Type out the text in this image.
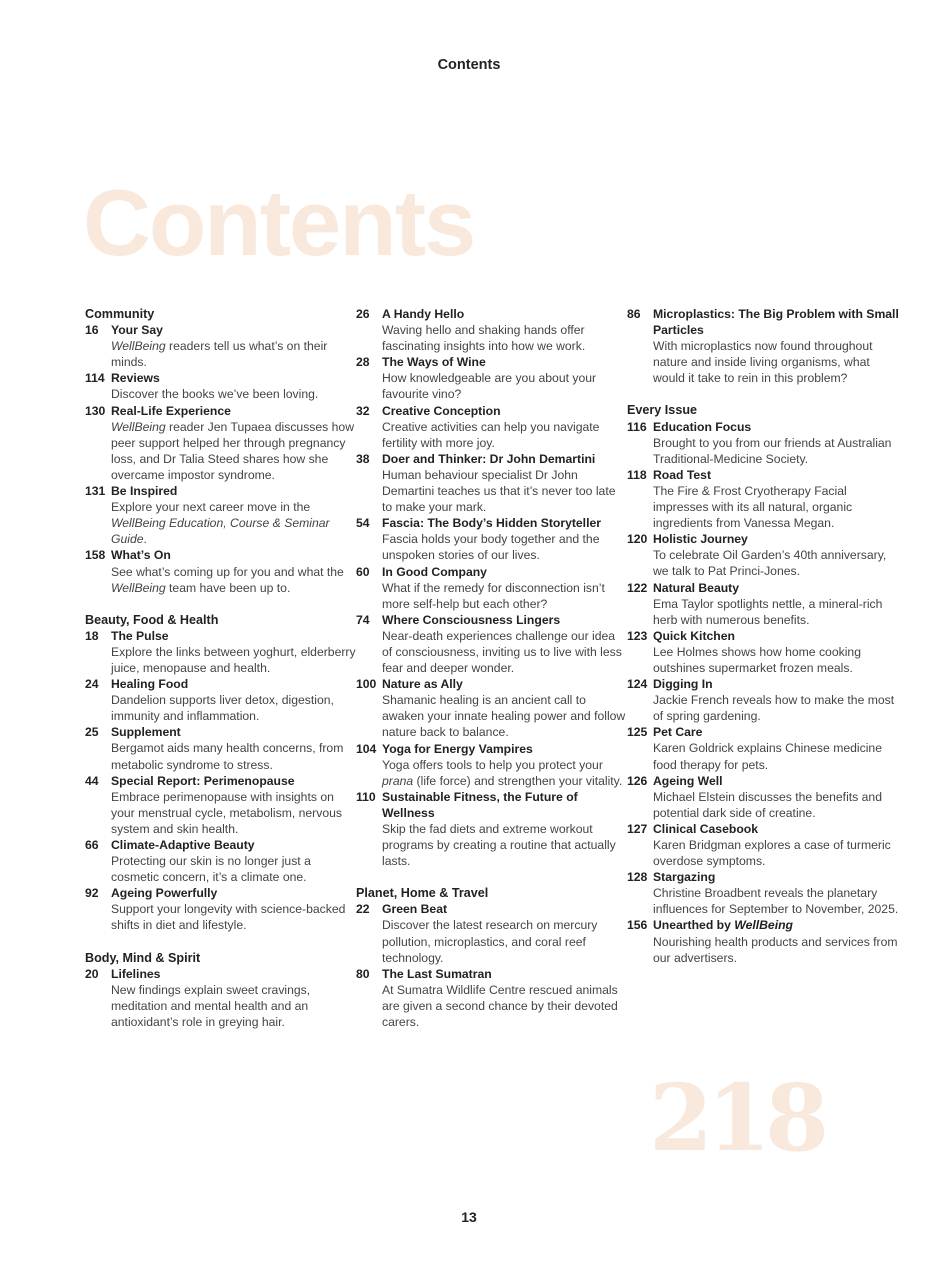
Contents
Contents
Community
16	Your Say
WellBeing readers tell us what’s on their minds.
114 Reviews
Discover the books we’ve been loving.
130 Real-Life Experience
WellBeing reader Jen Tupaea discusses how peer support helped her through pregnancy loss, and Dr Talia Steed shares how she overcame impostor syndrome.
131 Be Inspired
Explore your next career move in the WellBeing Education, Course & Seminar Guide.
158 What’s On
See what’s coming up for you and what the WellBeing team have been up to.
Beauty, Food & Health
18	The Pulse
Explore the links between yoghurt, elderberry juice, menopause and health.
24	Healing Food
Dandelion supports liver detox, digestion, immunity and inflammation.
25	Supplement
Bergamot aids many health concerns, from metabolic syndrome to stress.
44	Special Report: Perimenopause
Embrace perimenopause with insights on your menstrual cycle, metabolism, nervous system and skin health.
66	Climate-Adaptive Beauty
Protecting our skin is no longer just a cosmetic concern, it’s a climate one.
92	Ageing Powerfully
Support your longevity with science-backed shifts in diet and lifestyle.
Body, Mind & Spirit
20	Lifelines
New findings explain sweet cravings, meditation and mental health and an antioxidant’s role in greying hair.
26	A Handy Hello
Waving hello and shaking hands offer fascinating insights into how we work.
28	The Ways of Wine
How knowledgeable are you about your favourite vino?
32	Creative Conception
Creative activities can help you navigate fertility with more joy.
38	Doer and Thinker: Dr John Demartini
Human behaviour specialist Dr John Demartini teaches us that it’s never too late to make your mark.
54	Fascia: The Body’s Hidden Storyteller
Fascia holds your body together and the unspoken stories of our lives.
60	In Good Company
What if the remedy for disconnection isn’t more self-help but each other?
74	Where Consciousness Lingers
Near-death experiences challenge our idea of consciousness, inviting us to live with less fear and deeper wonder.
100 Nature as Ally
Shamanic healing is an ancient call to awaken your innate healing power and follow nature back to balance.
104 Yoga for Energy Vampires
Yoga offers tools to help you protect your prana (life force) and strengthen your vitality.
110 Sustainable Fitness, the Future of Wellness
Skip the fad diets and extreme workout programs by creating a routine that actually lasts.
Planet, Home & Travel
22	Green Beat
Discover the latest research on mercury pollution, microplastics, and coral reef technology.
80	The Last Sumatran
At Sumatra Wildlife Centre rescued animals are given a second chance by their devoted carers.
86	Microplastics: The Big Problem with Small Particles
With microplastics now found throughout nature and inside living organisms, what would it take to rein in this problem?
Every Issue
116 Education Focus
Brought to you from our friends at Australian Traditional-Medicine Society.
118 Road Test
The Fire & Frost Cryotherapy Facial impresses with its all natural, organic ingredients from Vanessa Megan.
120 Holistic Journey
To celebrate Oil Garden’s 40th anniversary, we talk to Pat Princi-Jones.
122 Natural Beauty
Ema Taylor spotlights nettle, a mineral-rich herb with numerous benefits.
123 Quick Kitchen
Lee Holmes shows how home cooking outshines supermarket frozen meals.
124 Digging In
Jackie French reveals how to make the most of spring gardening.
125 Pet Care
Karen Goldrick explains Chinese medicine food therapy for pets.
126 Ageing Well
Michael Elstein discusses the benefits and potential dark side of creatine.
127 Clinical Casebook
Karen Bridgman explores a case of turmeric overdose symptoms.
128 Stargazing
Christine Broadbent reveals the planetary influences for September to November, 2025.
156 Unearthed by WellBeing
Nourishing health products and services from our advertisers.
218
13
